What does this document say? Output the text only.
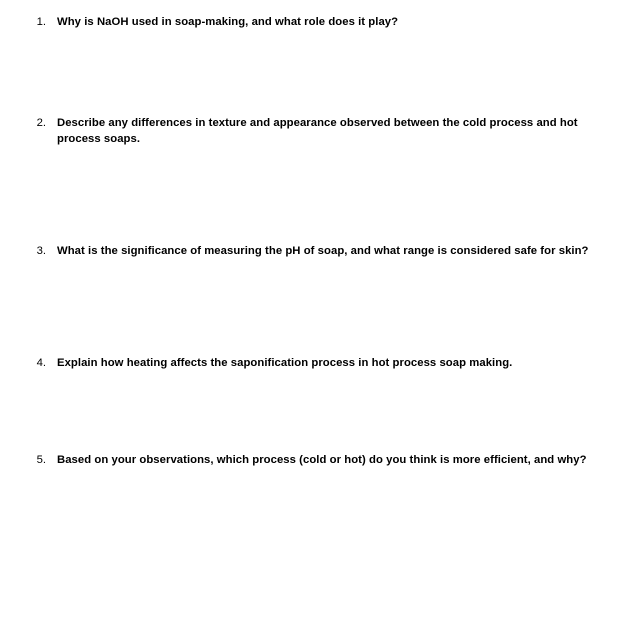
1. Why is NaOH used in soap-making, and what role does it play?
2. Describe any differences in texture and appearance observed between the cold process and hot process soaps.
3. What is the significance of measuring the pH of soap, and what range is considered safe for skin?
4. Explain how heating affects the saponification process in hot process soap making.
5. Based on your observations, which process (cold or hot) do you think is more efficient, and why?
